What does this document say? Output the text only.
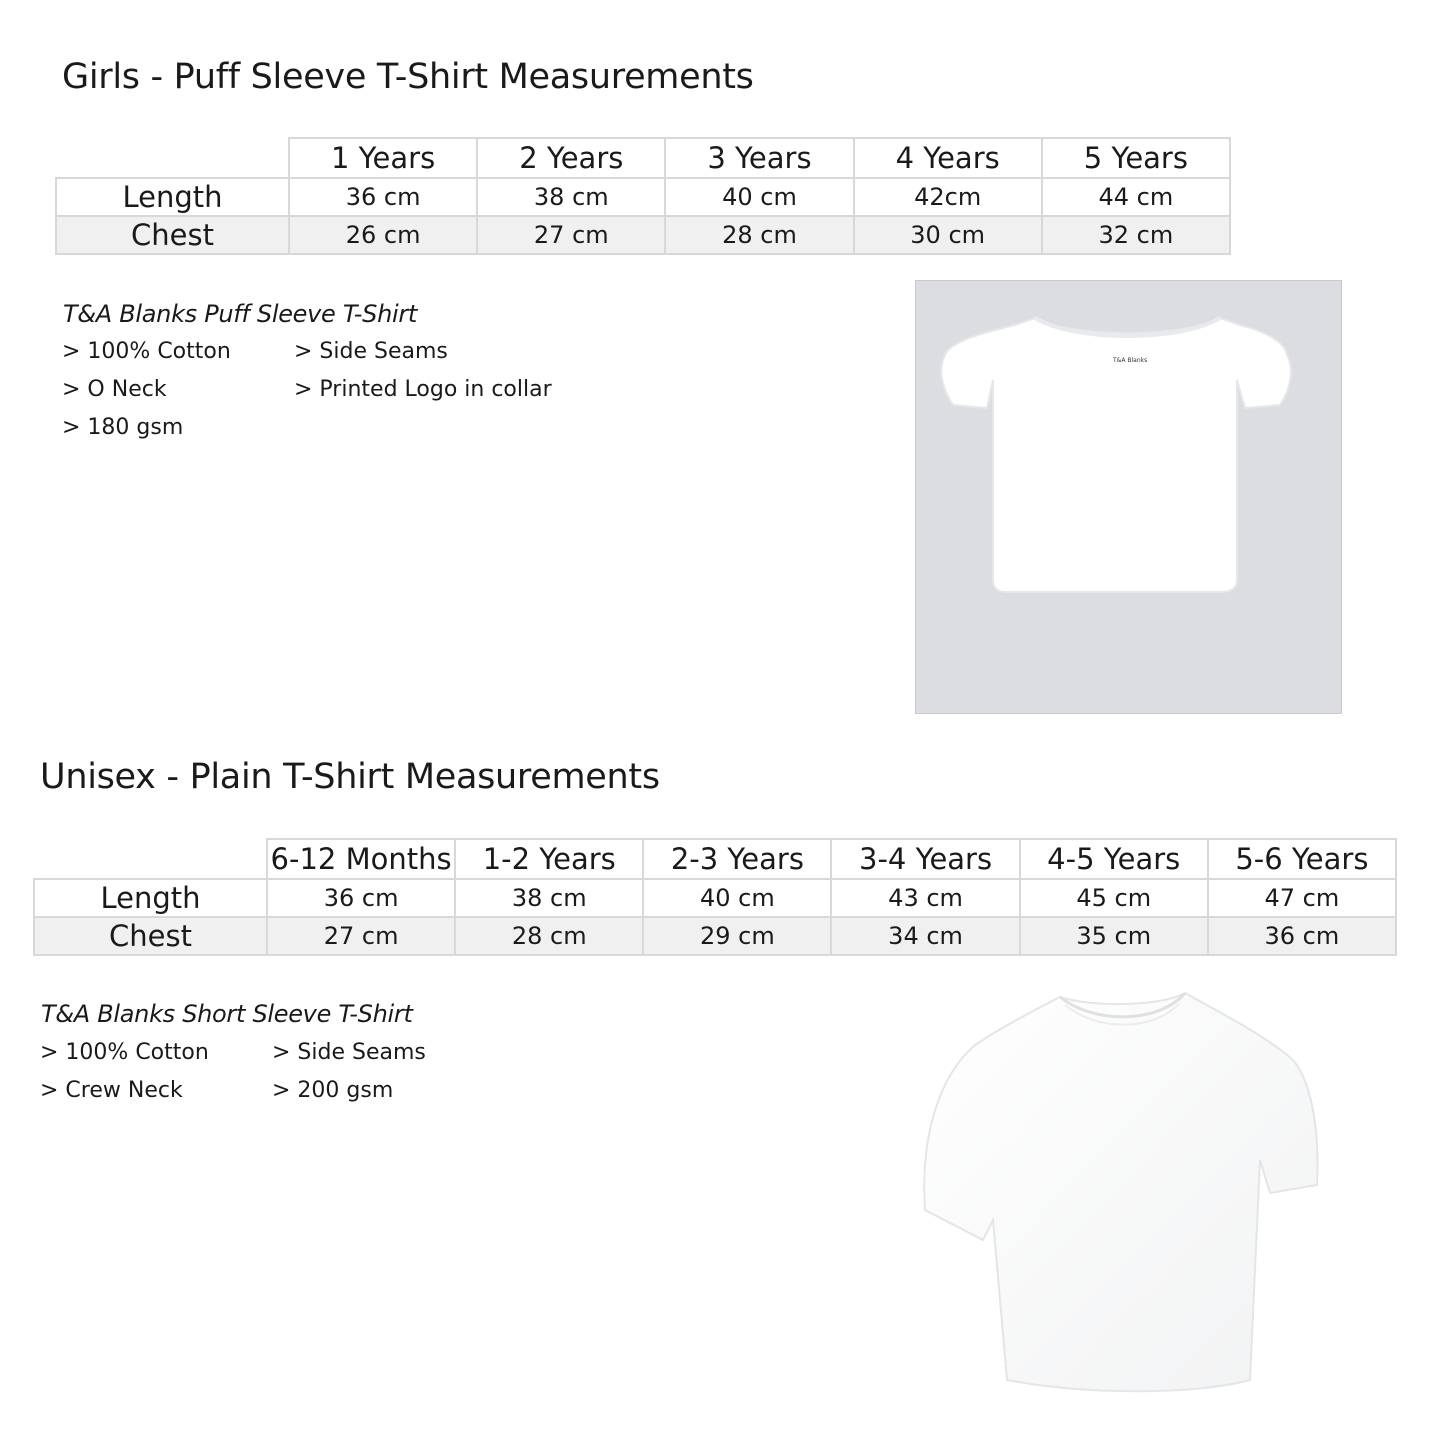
Girls - Puff Sleeve T-Shirt Measurements
	1 Years	2 Years	3 Years	4 Years	5 Years
Length	36 cm	38 cm	40 cm	42cm	44 cm
Chest	26 cm	27 cm	28 cm	30 cm	32 cm

T&A Blanks Puff Sleeve T-Shirt

> 100% Cotton

> O Neck

> 180 gsm

> Side Seams

> Printed Logo in collar

T&A Blanks
Unisex - Plain T-Shirt Measurements
	6-12 Months	1-2 Years	2-3 Years	3-4 Years	4-5 Years	5-6 Years
Length	36 cm	38 cm	40 cm	43 cm	45 cm	47 cm
Chest	27 cm	28 cm	29 cm	34 cm	35 cm	36 cm

T&A Blanks Short Sleeve T-Shirt

> 100% Cotton

> Crew Neck

> Side Seams

> 200 gsm
